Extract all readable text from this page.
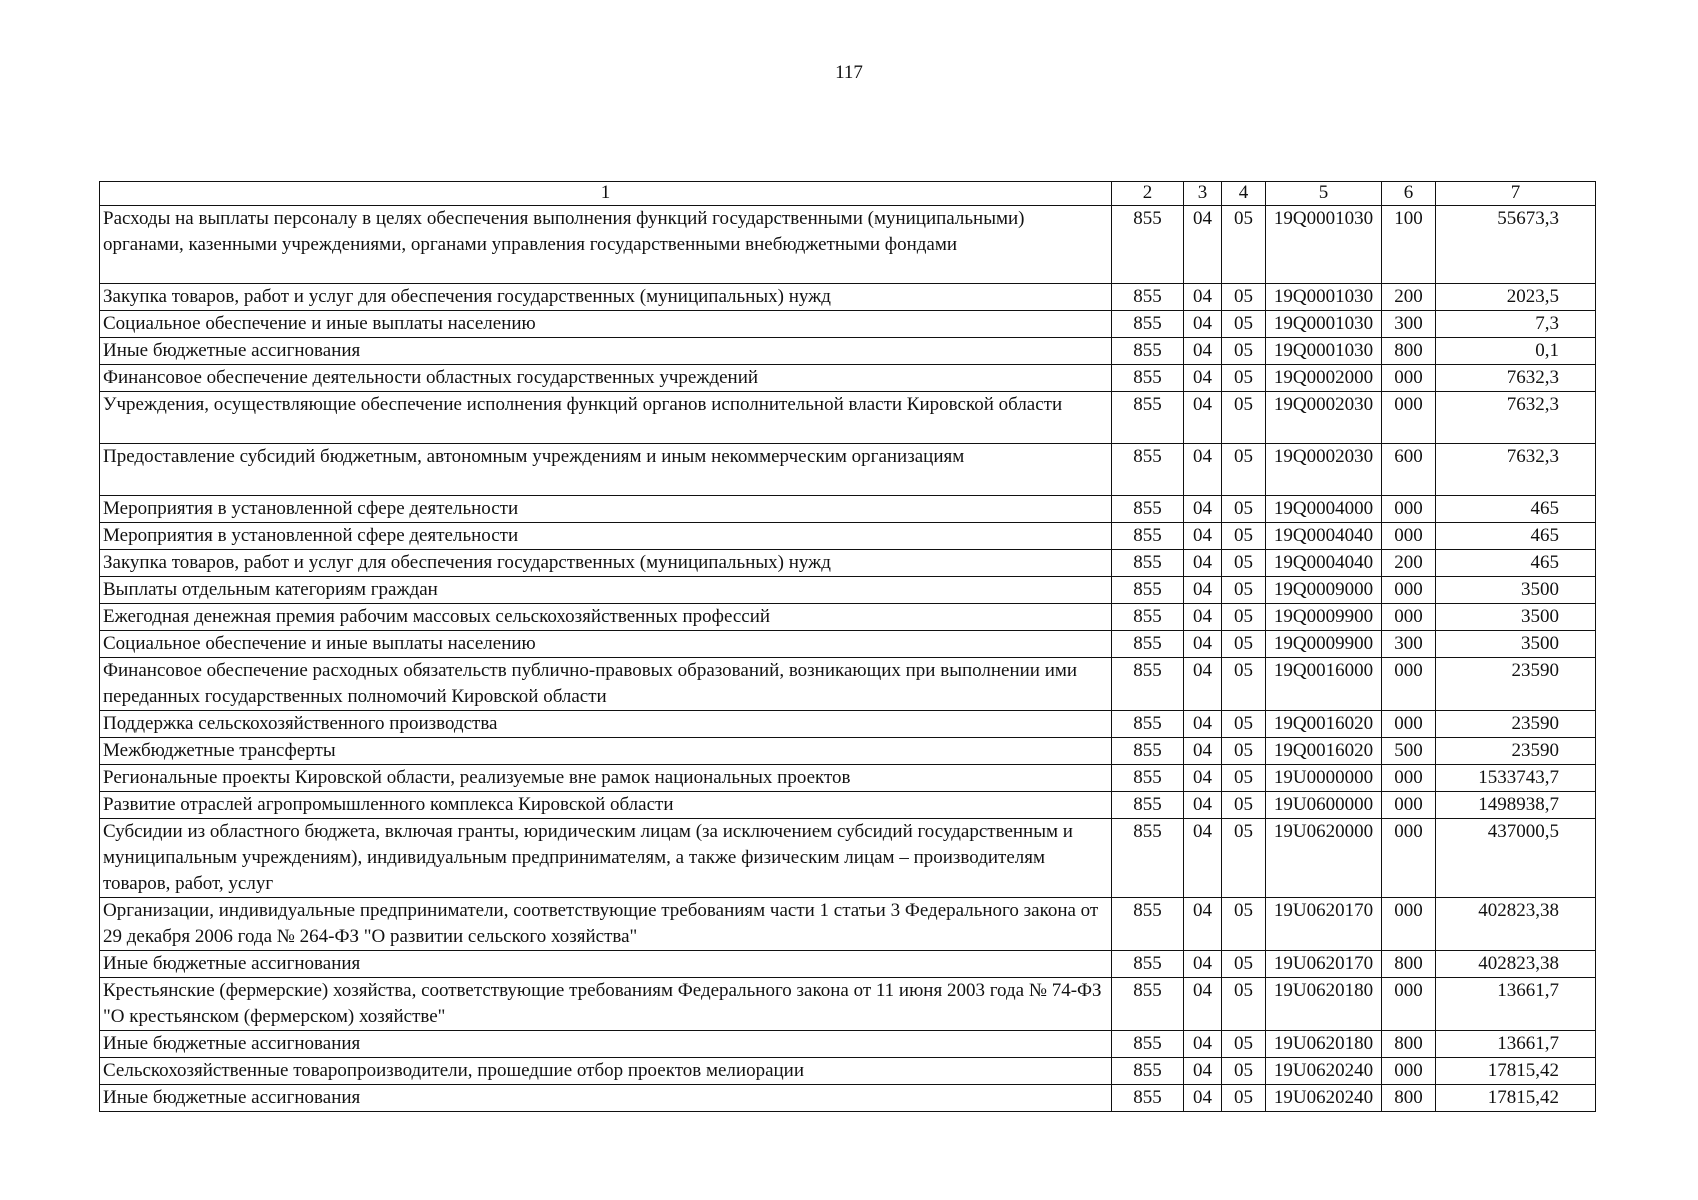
117
1	2	3	4	5	6	7
Расходы на выплаты персоналу в целях обеспечения выполнения функций государственными (муниципальными) органами, казенными учреждениями, органами управления государственными внебюджетными фондами	855	04	05	19Q0001030	100	55673,3
Закупка товаров, работ и услуг для обеспечения государственных (муниципальных) нужд	855	04	05	19Q0001030	200	2023,5
Социальное обеспечение и иные выплаты населению	855	04	05	19Q0001030	300	7,3
Иные бюджетные ассигнования	855	04	05	19Q0001030	800	0,1
Финансовое обеспечение деятельности областных государственных учреждений	855	04	05	19Q0002000	000	7632,3
Учреждения, осуществляющие обеспечение исполнения функций органов исполнительной власти Кировской области	855	04	05	19Q0002030	000	7632,3
Предоставление субсидий бюджетным, автономным учреждениям и иным некоммерческим организациям	855	04	05	19Q0002030	600	7632,3
Мероприятия в установленной сфере деятельности	855	04	05	19Q0004000	000	465
Мероприятия в установленной сфере деятельности	855	04	05	19Q0004040	000	465
Закупка товаров, работ и услуг для обеспечения государственных (муниципальных) нужд	855	04	05	19Q0004040	200	465
Выплаты отдельным категориям граждан	855	04	05	19Q0009000	000	3500
Ежегодная денежная премия рабочим массовых сельскохозяйственных профессий	855	04	05	19Q0009900	000	3500
Социальное обеспечение и иные выплаты населению	855	04	05	19Q0009900	300	3500
Финансовое обеспечение расходных обязательств публично-правовых образований, возникающих при выполнении ими переданных государственных полномочий Кировской области	855	04	05	19Q0016000	000	23590
Поддержка сельскохозяйственного производства	855	04	05	19Q0016020	000	23590
Межбюджетные трансферты	855	04	05	19Q0016020	500	23590
Региональные проекты Кировской области, реализуемые вне рамок национальных проектов	855	04	05	19U0000000	000	1533743,7
Развитие отраслей агропромышленного комплекса Кировской области	855	04	05	19U0600000	000	1498938,7
Субсидии из областного бюджета, включая гранты, юридическим лицам (за исключением субсидий государственным и муниципальным учреждениям), индивидуальным предпринимателям, а также физическим лицам – производителям товаров, работ, услуг	855	04	05	19U0620000	000	437000,5
Организации, индивидуальные предприниматели, соответствующие требованиям части 1 статьи 3 Федерального закона от 29 декабря 2006 года № 264-ФЗ "О развитии сельского хозяйства"	855	04	05	19U0620170	000	402823,38
Иные бюджетные ассигнования	855	04	05	19U0620170	800	402823,38
Крестьянские (фермерские) хозяйства, соответствующие требованиям Федерального закона от 11 июня 2003 года № 74-ФЗ "О крестьянском (фермерском) хозяйстве"	855	04	05	19U0620180	000	13661,7
Иные бюджетные ассигнования	855	04	05	19U0620180	800	13661,7
Сельскохозяйственные товаропроизводители, прошедшие отбор проектов мелиорации	855	04	05	19U0620240	000	17815,42
Иные бюджетные ассигнования	855	04	05	19U0620240	800	17815,42
